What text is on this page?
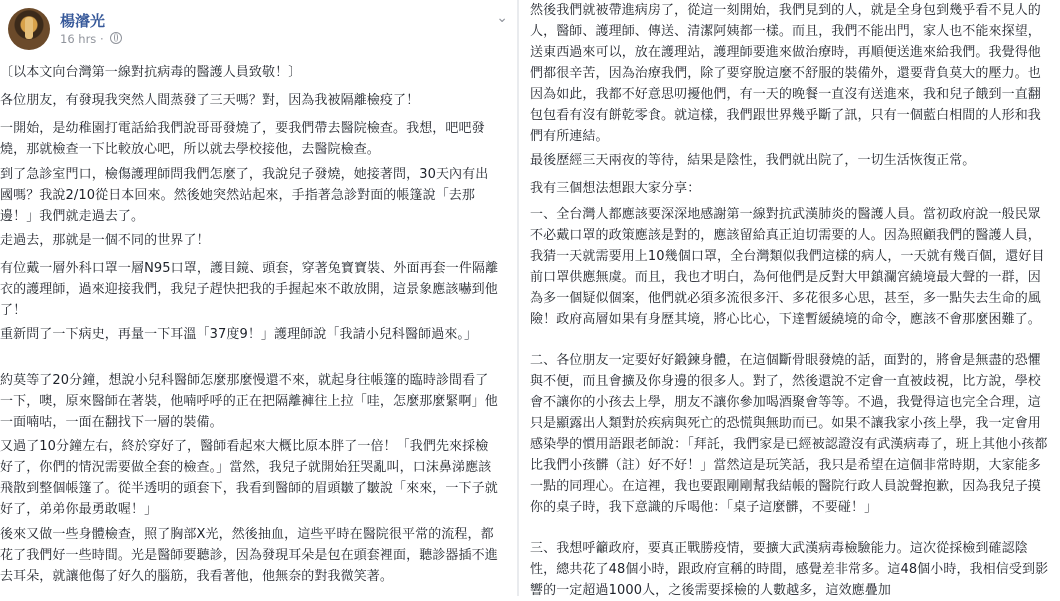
楊濬光
16 hrs ·
⌄

〔以本文向台灣第一線對抗病毒的醫護人員致敬！〕

各位朋友，有發現我突然人間蒸發了三天嗎？對，因為我被隔離檢疫了！

一開始，是幼稚園打電話給我們說哥哥發燒了，要我們帶去醫院檢查。我想，吧吧發燒，那就檢查一下比較放心吧，所以就去學校接他，去醫院檢查。

到了急診室門口，檢傷護理師問我們怎麼了，我說兒子發燒，她接著問，30天內有出國嗎？我說2/10從日本回來。然後她突然站起來，手指著急診對面的帳篷說「去那邊！」我們就走過去了。

走過去，那就是一個不同的世界了！

有位戴一層外科口罩一層N95口罩，護目鏡、頭套，穿著兔寶寶裝、外面再套一件隔離衣的護理師，過來迎接我們，我兒子趕快把我的手握起來不敢放開，這景象應該嚇到他了！

重新問了一下病史，再量一下耳溫「37度9！」護理師說「我請小兒科醫師過來。」

約莫等了20分鐘，想說小兒科醫師怎麼那麼慢還不來，就起身往帳篷的臨時診間看了一下，噢，原來醫師在著裝，他喃呼呼的正在把隔離褲往上拉「哇，怎麼那麼緊啊」他一面喃咕，一面在翻找下一層的裝備。

又過了10分鐘左右，終於穿好了，醫師看起來大概比原本胖了一倍！「我們先來採檢好了，你們的情況需要做全套的檢查。」當然，我兒子就開始狂哭亂叫，口沫鼻涕應該飛散到整個帳篷了。從半透明的頭套下，我看到醫師的眉頭皺了皺說「來來，一下子就好了，弟弟你最勇敢喔！」

後來又做一些身體檢查，照了胸部X光，然後抽血，這些平時在醫院很平常的流程，都花了我們好一些時間。光是醫師要聽診，因為發現耳朵是包在頭套裡面，聽診器插不進去耳朵，就讓他傷了好久的腦筋，我看著他，他無奈的對我微笑著。

然後我們就被帶進病房了，從這一刻開始，我們見到的人，就是全身包到幾乎看不見人的人，醫師、護理師、傳送、清潔阿姨都一樣。而且，我們不能出門，家人也不能來探望，送東西過來可以，放在護理站，護理師要進來做治療時，再順便送進來給我們。我覺得他們都很辛苦，因為治療我們，除了要穿脫這麼不舒服的裝備外，還要背負莫大的壓力。也因為如此，我都不好意思叨擾他們，有一天的晚餐一直沒有送進來，我和兒子餓到一直翻包包看有沒有餅乾零食。就這樣，我們跟世界幾乎斷了訊，只有一個藍白相間的人形和我們有所連結。

最後歷經三天兩夜的等待，結果是陰性，我們就出院了，一切生活恢復正常。

我有三個想法想跟大家分享：

一、全台灣人都應該要深深地感謝第一線對抗武漢肺炎的醫護人員。當初政府說一般民眾不必戴口罩的政策應該是對的，應該留給真正迫切需要的人。因為照顧我們的醫護人員，我猜一天就需要用上10幾個口罩，全台灣類似我們這樣的病人，一天就有幾百個，還好目前口罩供應無虞。而且，我也才明白，為何他們是反對大甲鎮瀾宮繞境最大聲的一群，因為多一個疑似個案，他們就必須多流很多汗、多花很多心思，甚至，多一點失去生命的風險！政府高層如果有身歷其境，將心比心，下達暫緩繞境的命令，應該不會那麼困難了。

二、各位朋友一定要好好鍛鍊身體，在這個斷骨眼發燒的話，面對的，將會是無盡的恐懼與不便，而且會擴及你身邊的很多人。對了，然後還說不定會一直被歧視，比方說，學校會不讓你的小孩去上學，朋友不讓你參加喝酒聚會等等。不過，我覺得這也完全合理，這只是顯露出人類對於疾病與死亡的恐慌與無助而已。如果不讓我家小孩上學，我一定會用感染學的慣用語跟老師說：「拜託，我們家是已經被認證沒有武漢病毒了，班上其他小孩都比我們小孩髒（註）好不好！」當然這是玩笑話，我只是希望在這個非常時期，大家能多一點的同理心。在這裡，我也要跟剛剛幫我結帳的醫院行政人員說聲抱歉，因為我兒子摸你的桌子時，我下意識的斥喝他：「桌子這麼髒，不要碰！」

三、我想呼籲政府，要真正戰勝疫情，要擴大武漢病毒檢驗能力。這次從採檢到確認陰性，總共花了48個小時，跟政府宣稱的時間，感覺差非常多。這48個小時，我相信受到影響的一定超過1000人，之後需要採檢的人數越多，這效應疊加
